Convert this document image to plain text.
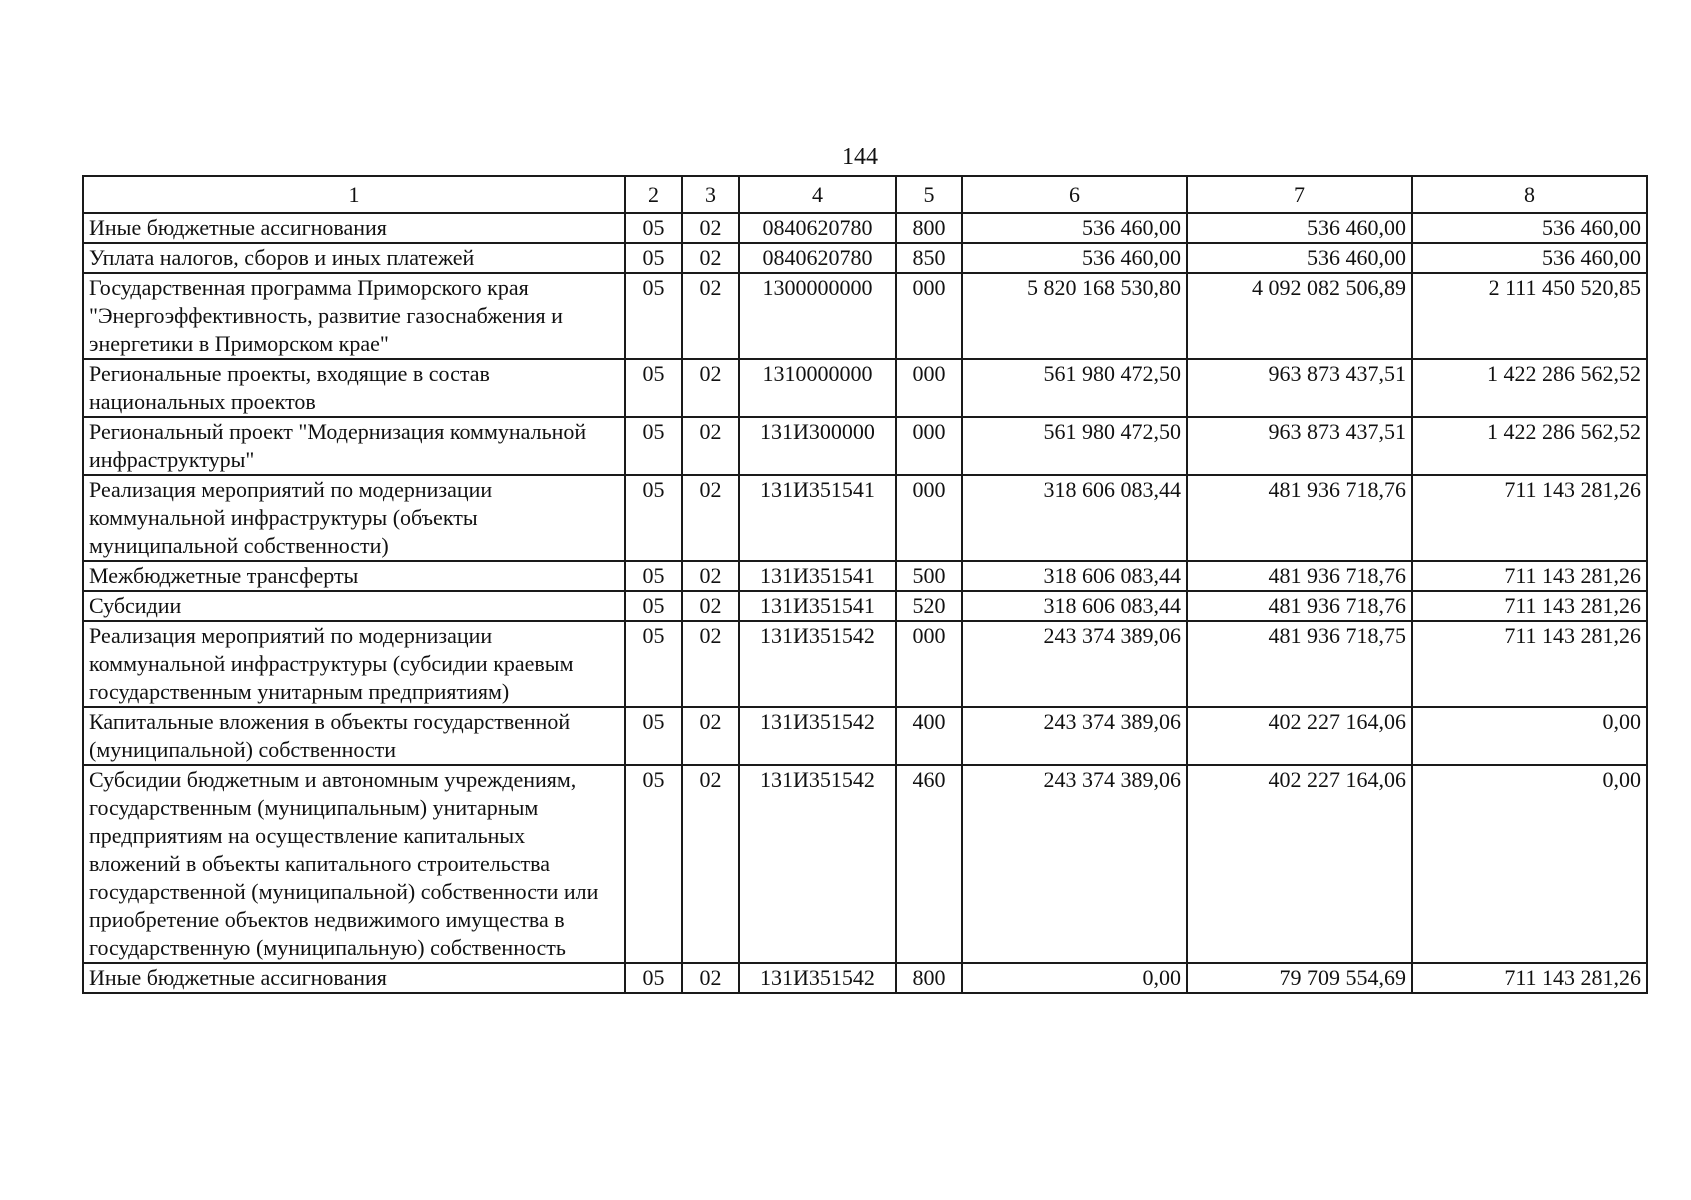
144
1	2	3	4	5	6	7	8
Иные бюджетные ассигнования	05	02	0840620780	800	536 460,00	536 460,00	536 460,00
Уплата налогов, сборов и иных платежей	05	02	0840620780	850	536 460,00	536 460,00	536 460,00
Государственная программа Приморского края "Энергоэффективность, развитие газоснабжения и энергетики в Приморском крае"	05	02	1300000000	000	5 820 168 530,80	4 092 082 506,89	2 111 450 520,85
Региональные проекты, входящие в состав национальных проектов	05	02	1310000000	000	561 980 472,50	963 873 437,51	1 422 286 562,52
Региональный проект "Модернизация коммунальной инфраструктуры"	05	02	131И300000	000	561 980 472,50	963 873 437,51	1 422 286 562,52
Реализация мероприятий по модернизации коммунальной инфраструктуры (объекты муниципальной собственности)	05	02	131И351541	000	318 606 083,44	481 936 718,76	711 143 281,26
Межбюджетные трансферты	05	02	131И351541	500	318 606 083,44	481 936 718,76	711 143 281,26
Субсидии	05	02	131И351541	520	318 606 083,44	481 936 718,76	711 143 281,26
Реализация мероприятий по модернизации коммунальной инфраструктуры (субсидии краевым государственным унитарным предприятиям)	05	02	131И351542	000	243 374 389,06	481 936 718,75	711 143 281,26
Капитальные вложения в объекты государственной (муниципальной) собственности	05	02	131И351542	400	243 374 389,06	402 227 164,06	0,00
Субсидии бюджетным и автономным учреждениям, государственным (муниципальным) унитарным предприятиям на осуществление капитальных вложений в объекты капитального строительства государственной (муниципальной) собственности или приобретение объектов недвижимого имущества в государственную (муниципальную) собственность	05	02	131И351542	460	243 374 389,06	402 227 164,06	0,00
Иные бюджетные ассигнования	05	02	131И351542	800	0,00	79 709 554,69	711 143 281,26
